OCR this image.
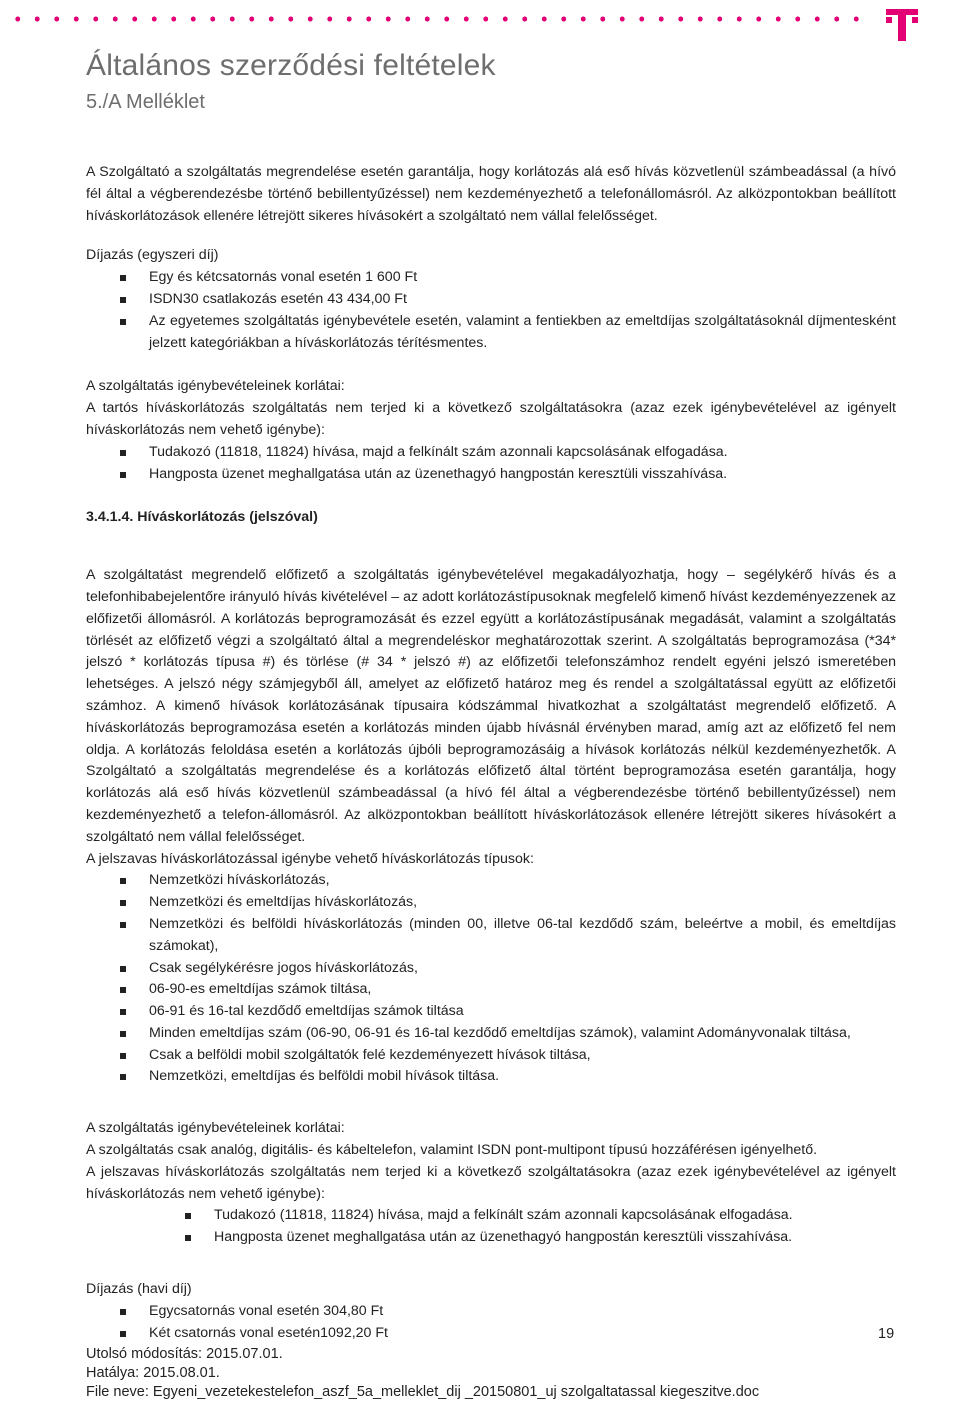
Általános szerződési feltételek
5./A Melléklet

A Szolgáltató a szolgáltatás megrendelése esetén garantálja, hogy korlátozás alá eső hívás közvetlenül számbeadással (a hívó fél által a végberendezésbe történő bebillentyűzéssel) nem kezdeményezhető a telefonállomásról. Az alközpontokban beállított híváskorlátozások ellenére létrejött sikeres hívásokért a szolgáltató nem vállal felelősséget.

Díjazás (egyszeri díj)
Egy és kétcsatornás vonal esetén 1 600 Ft
ISDN30 csatlakozás esetén 43 434,00 Ft
Az egyetemes szolgáltatás igénybevétele esetén, valamint a fentiekben az emeltdíjas szolgáltatásoknál díjmentesként jelzett kategóriákban a híváskorlátozás térítésmentes.
A szolgáltatás igénybevételeinek korlátai:

A tartós híváskorlátozás szolgáltatás nem terjed ki a következő szolgáltatásokra (azaz ezek igénybevételével az igényelt híváskorlátozás nem vehető igénybe):

Tudakozó (11818, 11824) hívása, majd a felkínált szám azonnali kapcsolásának elfogadása.
Hangposta üzenet meghallgatása után az üzenethagyó hangpostán keresztüli visszahívása.
3.4.1.4. Híváskorlátozás (jelszóval)

A szolgáltatást megrendelő előfizető a szolgáltatás igénybevételével megakadályozhatja, hogy – segélykérő hívás és a telefonhibabejelentőre irányuló hívás kivételével – az adott korlátozástípusoknak megfelelő kimenő hívást kezdeményezzenek az előfizetői állomásról. A korlátozás beprogramozását és ezzel együtt a korlátozástípusának megadását, valamint a szolgáltatás törlését az előfizető végzi a szolgáltató által a megrendeléskor meghatározottak szerint. A szolgáltatás beprogramozása (*34* jelszó * korlátozás típusa #) és törlése (# 34 * jelszó #) az előfizetői telefonszámhoz rendelt egyéni jelszó ismeretében lehetséges. A jelszó négy számjegyből áll, amelyet az előfizető határoz meg és rendel a szolgáltatással együtt az előfizetői számhoz. A kimenő hívások korlátozásának típusaira kódszámmal hivatkozhat a szolgáltatást megrendelő előfizető. A híváskorlátozás beprogramozása esetén a korlátozás minden újabb hívásnál érvényben marad, amíg azt az előfizető fel nem oldja. A korlátozás feloldása esetén a korlátozás újbóli beprogramozásáig a hívások korlátozás nélkül kezdeményezhetők. A Szolgáltató a szolgáltatás megrendelése és a korlátozás előfizető által történt beprogramozása esetén garantálja, hogy korlátozás alá eső hívás közvetlenül számbeadással (a hívó fél által a végberendezésbe történő bebillentyűzéssel) nem kezdeményezhető a telefon-állomásról. Az alközpontokban beállított híváskorlátozások ellenére létrejött sikeres hívásokért a szolgáltató nem vállal felelősséget.

A jelszavas híváskorlátozással igénybe vehető híváskorlátozás típusok:
Nemzetközi híváskorlátozás,
Nemzetközi és emeltdíjas híváskorlátozás,
Nemzetközi és belföldi híváskorlátozás (minden 00, illetve 06-tal kezdődő szám, beleértve a mobil, és emeltdíjas számokat),
Csak segélykérésre jogos híváskorlátozás,
06-90-es emeltdíjas számok tiltása,
06-91 és 16-tal kezdődő emeltdíjas számok tiltása
Minden emeltdíjas szám (06-90, 06-91 és 16-tal kezdődő emeltdíjas számok), valamint Adományvonalak tiltása,
Csak a belföldi mobil szolgáltatók felé kezdeményezett hívások tiltása,
Nemzetközi, emeltdíjas és belföldi mobil hívások tiltása.
A szolgáltatás igénybevételeinek korlátai:

A szolgáltatás csak analóg, digitális- és kábeltelefon, valamint ISDN pont-multipont típusú hozzáférésen igényelhető.

A jelszavas híváskorlátozás szolgáltatás nem terjed ki a következő szolgáltatásokra (azaz ezek igénybevételével az igényelt híváskorlátozás nem vehető igénybe):

Tudakozó (11818, 11824) hívása, majd a felkínált szám azonnali kapcsolásának elfogadása.
Hangposta üzenet meghallgatása után az üzenethagyó hangpostán keresztüli visszahívása.
Díjazás (havi díj)
Egycsatornás vonal esetén 304,80 Ft
Két csatornás vonal esetén1092,20 Ft	19
Utolsó módosítás: 2015.07.01.
Hatálya: 2015.08.01.
File neve: Egyeni_vezetekestelefon_aszf_5a_melleklet_dij _20150801_uj szolgaltatassal kiegeszitve.doc
